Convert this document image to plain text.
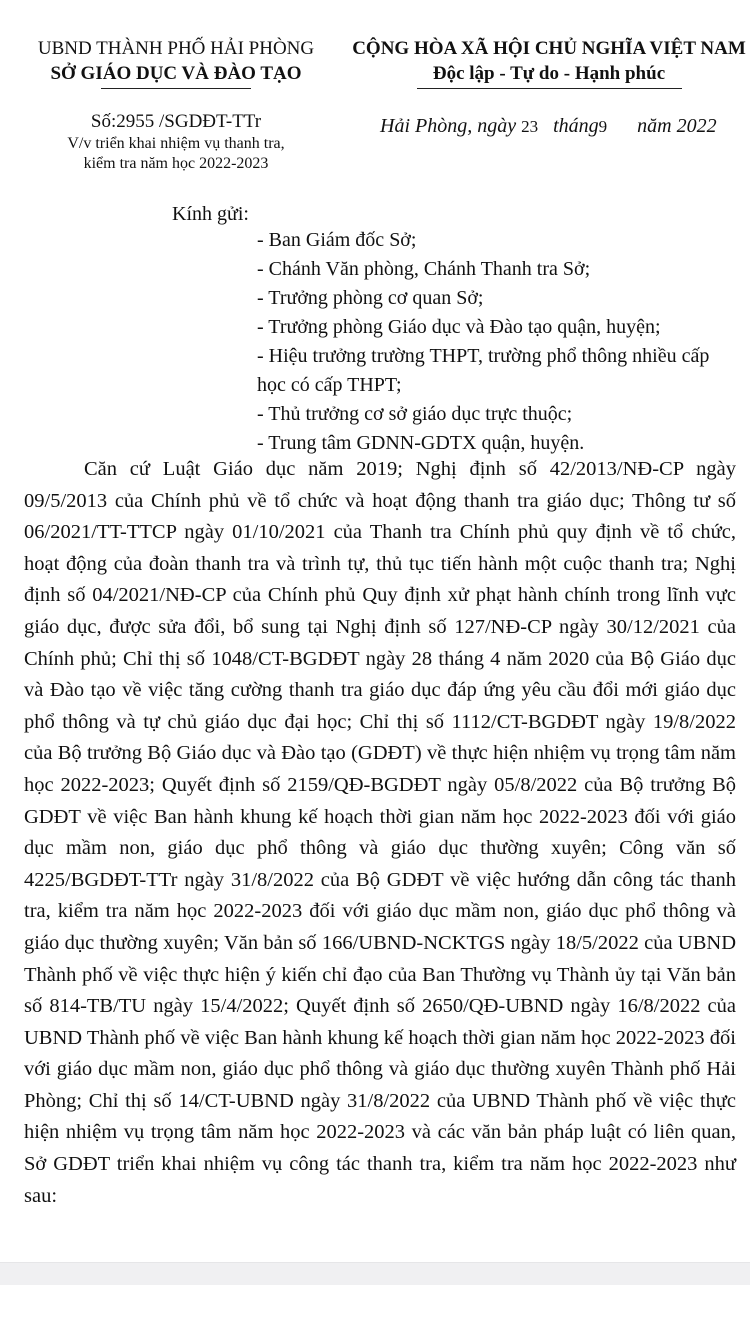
UBND THÀNH PHỐ HẢI PHÒNG
SỞ GIÁO DỤC VÀ ĐÀO TẠO
CỘNG HÒA XÃ HỘI CHỦ NGHĨA VIỆT NAM
Độc lập - Tự do - Hạnh phúc
Số:2955 /SGDĐT-TTr
V/v triển khai nhiệm vụ thanh tra,
kiểm tra năm học 2022-2023
Hải Phòng, ngày 23 tháng9 năm 2022
Kính gửi:

- Ban Giám đốc Sở;

- Chánh Văn phòng, Chánh Thanh tra Sở;

- Trưởng phòng cơ quan Sở;

- Trưởng phòng Giáo dục và Đào tạo quận, huyện;

- Hiệu trưởng trường THPT, trường phổ thông nhiều cấp học có cấp THPT;

- Thủ trưởng cơ sở giáo dục trực thuộc;

- Trung tâm GDNN-GDTX quận, huyện.

Căn cứ Luật Giáo dục năm 2019; Nghị định số 42/2013/NĐ-CP ngày 09/5/2013 của Chính phủ về tổ chức và hoạt động thanh tra giáo dục; Thông tư số 06/2021/TT-TTCP ngày 01/10/2021 của Thanh tra Chính phủ quy định về tổ chức, hoạt động của đoàn thanh tra và trình tự, thủ tục tiến hành một cuộc thanh tra; Nghị định số 04/2021/NĐ-CP của Chính phủ Quy định xử phạt hành chính trong lĩnh vực giáo dục, được sửa đổi, bổ sung tại Nghị định số 127/NĐ-CP ngày 30/12/2021 của Chính phủ; Chỉ thị số 1048/CT-BGDĐT ngày 28 tháng 4 năm 2020 của Bộ Giáo dục và Đào tạo về việc tăng cường thanh tra giáo dục đáp ứng yêu cầu đổi mới giáo dục phổ thông và tự chủ giáo dục đại học; Chỉ thị số 1112/CT-BGDĐT ngày 19/8/2022 của Bộ trưởng Bộ Giáo dục và Đào tạo (GDĐT) về thực hiện nhiệm vụ trọng tâm năm học 2022-2023; Quyết định số 2159/QĐ-BGDĐT ngày 05/8/2022 của Bộ trưởng Bộ GDĐT về việc Ban hành khung kế hoạch thời gian năm học 2022-2023 đối với giáo dục mầm non, giáo dục phổ thông và giáo dục thường xuyên; Công văn số 4225/BGDĐT-TTr ngày 31/8/2022 của Bộ GDĐT về việc hướng dẫn công tác thanh tra, kiểm tra năm học 2022-2023 đối với giáo dục mầm non, giáo dục phổ thông và giáo dục thường xuyên; Văn bản số 166/UBND-NCKTGS ngày 18/5/2022 của UBND Thành phố về việc thực hiện ý kiến chỉ đạo của Ban Thường vụ Thành ủy tại Văn bản số 814-TB/TU ngày 15/4/2022; Quyết định số 2650/QĐ-UBND ngày 16/8/2022 của UBND Thành phố về việc Ban hành khung kế hoạch thời gian năm học 2022-2023 đối với giáo dục mầm non, giáo dục phổ thông và giáo dục thường xuyên Thành phố Hải Phòng; Chỉ thị số 14/CT-UBND ngày 31/8/2022 của UBND Thành phố về việc thực hiện nhiệm vụ trọng tâm năm học 2022-2023 và các văn bản pháp luật có liên quan, Sở GDĐT triển khai nhiệm vụ công tác thanh tra, kiểm tra năm học 2022-2023 như sau:
